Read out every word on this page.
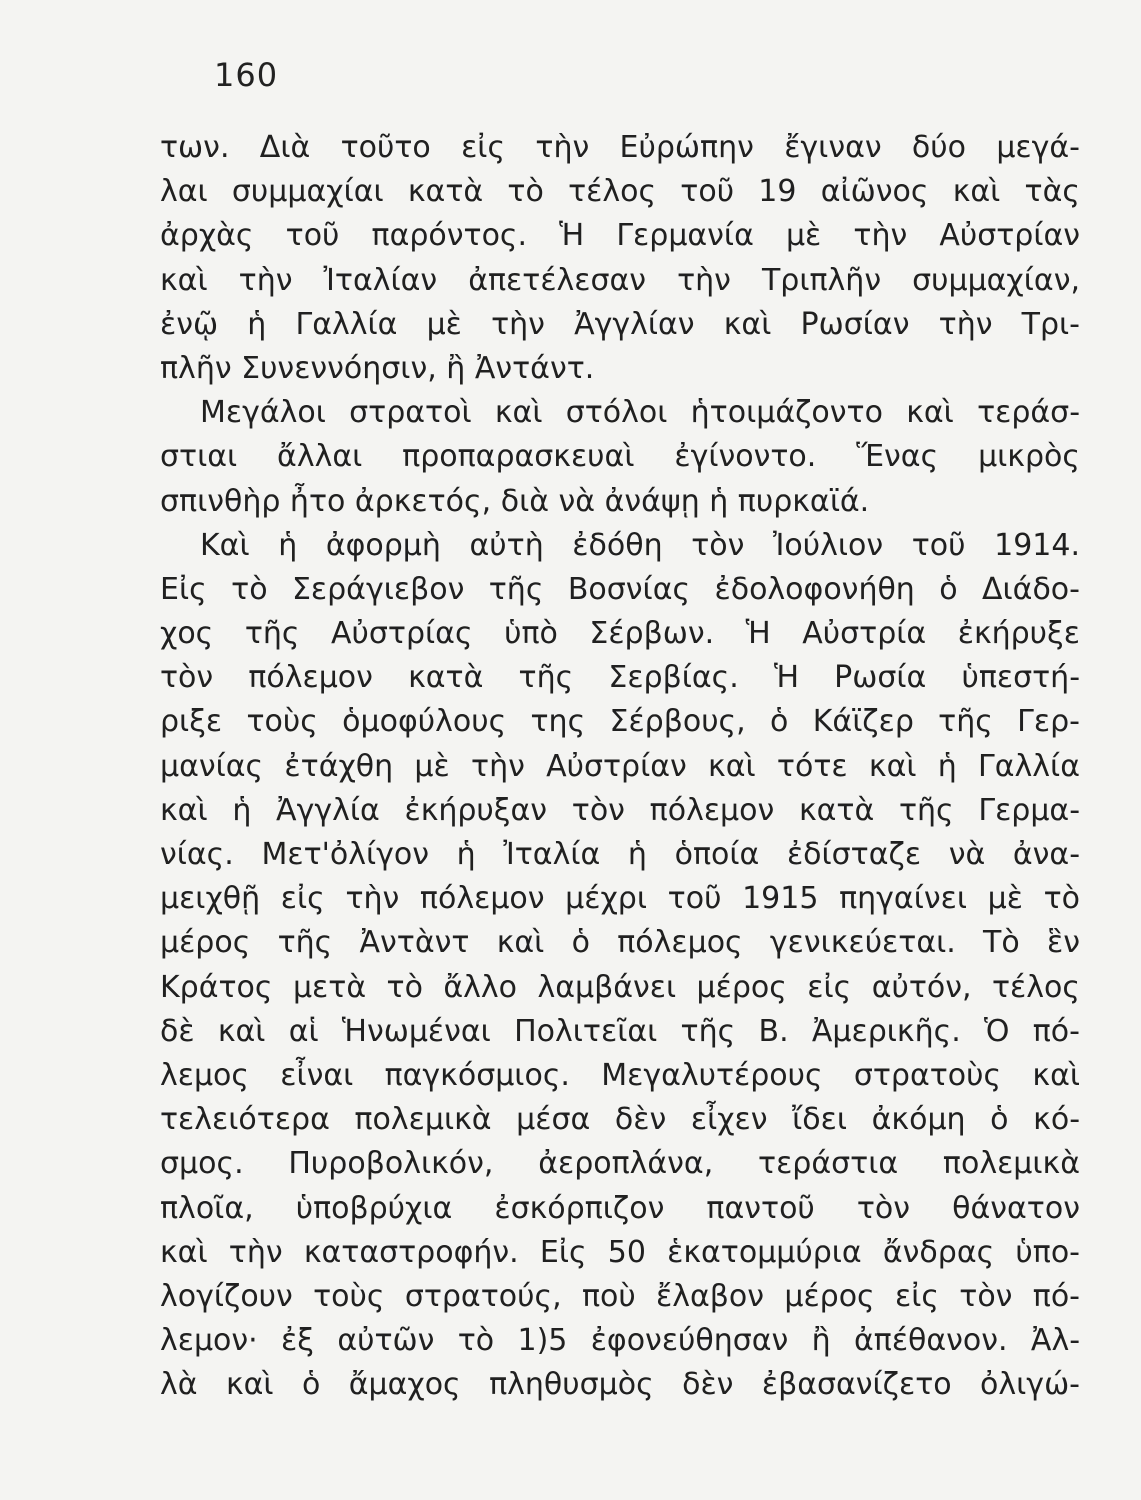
160
των. Διὰ τοῦτο εἰς τὴν Εὐρώπην ἔγιναν δύο μεγά-
λαι συμμαχίαι κατὰ τὸ τέλος τοῦ 19 αἰῶνος καὶ τὰς
ἀρχὰς τοῦ παρόντος. Ἡ Γερμανία μὲ τὴν Αὐστρίαν
καὶ τὴν Ἰταλίαν ἀπετέλεσαν τὴν Τριπλῆν συμμαχίαν,
ἐνῷ ἡ Γαλλία μὲ τὴν Ἀγγλίαν καὶ Ρωσίαν τὴν Τρι-
πλῆν Συνεννόησιν, ἢ Ἀντάντ.
Μεγάλοι στρατοὶ καὶ στόλοι ἡτοιμάζοντο καὶ τεράσ-
στιαι ἄλλαι προπαρασκευαὶ ἐγίνοντο. Ἕνας μικρὸς
σπινθὴρ ἦτο ἀρκετός, διὰ νὰ ἀνάψῃ ἡ πυρκαϊά.
Καὶ ἡ ἀφορμὴ αὐτὴ ἐδόθη τὸν Ἰούλιον τοῦ 1914.
Εἰς τὸ Σεράγιεβον τῆς Βοσνίας ἐδολοφονήθη ὁ Διάδο-
χος τῆς Αὐστρίας ὑπὸ Σέρβων. Ἡ Αὐστρία ἐκήρυξε
τὸν πόλεμον κατὰ τῆς Σερβίας. Ἡ Ρωσία ὑπεστή-
ριξε τοὺς ὁμοφύλους της Σέρβους, ὁ Κάϊζερ τῆς Γερ-
μανίας ἐτάχθη μὲ τὴν Αὐστρίαν καὶ τότε καὶ ἡ Γαλλία
καὶ ἡ Ἀγγλία ἐκήρυξαν τὸν πόλεμον κατὰ τῆς Γερμα-
νίας. Μετ'ὀλίγον ἡ Ἰταλία ἡ ὁποία ἐδίσταζε νὰ ἀνα-
μειχθῇ εἰς τὴν πόλεμον μέχρι τοῦ 1915 πηγαίνει μὲ τὸ
μέρος τῆς Ἀντὰντ καὶ ὁ πόλεμος γενικεύεται. Τὸ ἓν
Κράτος μετὰ τὸ ἄλλο λαμβάνει μέρος εἰς αὐτόν, τέλος
δὲ καὶ αἱ Ἡνωμέναι Πολιτεῖαι τῆς Β. Ἀμερικῆς. Ὁ πό-
λεμος εἶναι παγκόσμιος. Μεγαλυτέρους στρατοὺς καὶ
τελειότερα πολεμικὰ μέσα δὲν εἶχεν ἴδει ἀκόμη ὁ κό-
σμος. Πυροβολικόν, ἀεροπλάνα, τεράστια πολεμικὰ
πλοῖα, ὑποβρύχια ἐσκόρπιζον παντοῦ τὸν θάνατον
καὶ τὴν καταστροφήν. Εἰς 50 ἑκατομμύρια ἄνδρας ὑπο-
λογίζουν τοὺς στρατούς, ποὺ ἔλαβον μέρος εἰς τὸν πό-
λεμον· ἐξ αὐτῶν τὸ 1)5 ἐφονεύθησαν ἢ ἀπέθανον. Ἀλ-
λὰ καὶ ὁ ἄμαχος πληθυσμὸς δὲν ἐβασανίζετο ὀλιγώ-
